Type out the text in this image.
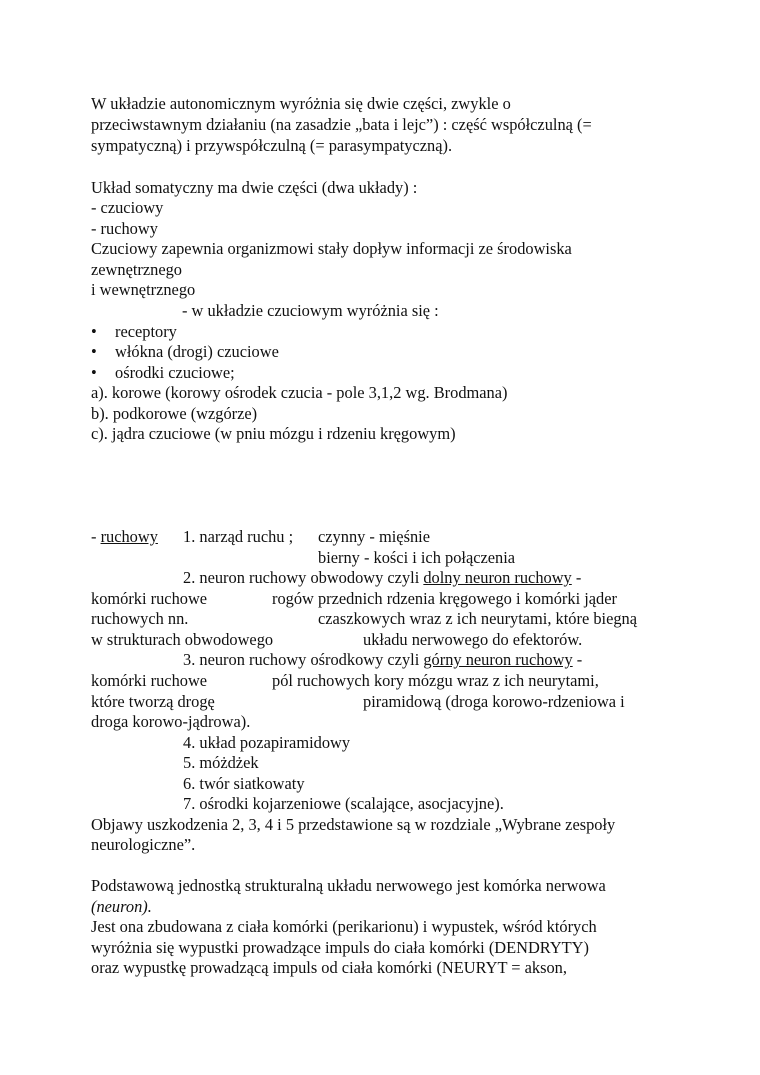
W układzie autonomicznym wyróżnia się dwie części, zwykle o
przeciwstawnym działaniu (na zasadzie „bata i lejc”) : część współczulną (=
sympatyczną) i przywspółczulną (= parasympatyczną).
Układ somatyczny ma dwie części (dwa układy) :
- czuciowy
- ruchowy
Czuciowy zapewnia organizmowi stały dopływ informacji ze środowiska
zewnętrznego
i wewnętrznego
- w układzie czuciowym wyróżnia się :
• receptory
• włókna (drogi) czuciowe
• ośrodki czuciowe;
a). korowe (korowy ośrodek czucia - pole 3,1,2 wg. Brodmana)
b). podkorowe (wzgórze)
c). jądra czuciowe (w pniu mózgu i rdzeniu kręgowym)
- ruchowy 1. narząd ruchu ; czynny - mięśnie
bierny - kości i ich połączenia
2. neuron ruchowy obwodowy czyli dolny neuron ruchowy -
komórki ruchowe	rogów przednich rdzenia kręgowego i komórki jąder
ruchowych nn.	czaszkowych wraz z ich neurytami, które biegną
w strukturach obwodowego	układu nerwowego do efektorów.
3. neuron ruchowy ośrodkowy czyli górny neuron ruchowy -
komórki ruchowe	pól ruchowych kory mózgu wraz z ich neurytami,
które tworzą drogę	piramidową (droga korowo-rdzeniowa i
droga korowo-jądrowa).
4. układ pozapiramidowy
5. móżdżek
6. twór siatkowaty
7. ośrodki kojarzeniowe (scalające, asocjacyjne).
Objawy uszkodzenia 2, 3, 4 i 5 przedstawione są w rozdziale „Wybrane zespoły
neurologiczne”.
Podstawową jednostką strukturalną układu nerwowego jest komórka nerwowa
(neuron).
Jest ona zbudowana z ciała komórki (perikarionu) i wypustek, wśród których
wyróżnia się wypustki prowadzące impuls do ciała komórki (DENDRYTY)
oraz wypustkę prowadzącą impuls od ciała komórki (NEURYT = akson,
